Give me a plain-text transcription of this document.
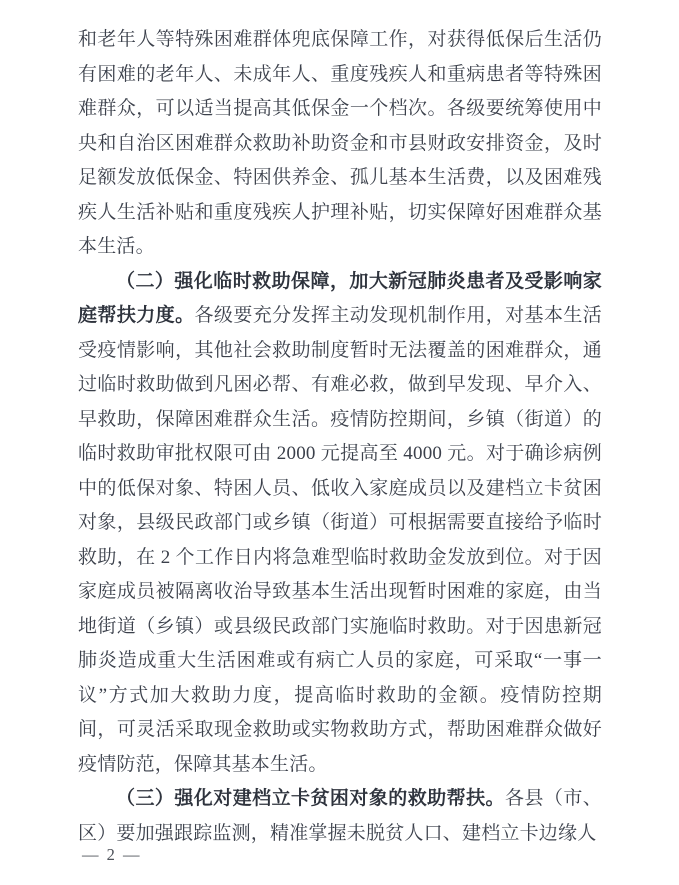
和老年人等特殊困难群体兜底保障工作，对获得低保后生活仍有困难的老年人、未成年人、重度残疾人和重病患者等特殊困难群众，可以适当提高其低保金一个档次。各级要统筹使用中央和自治区困难群众救助补助资金和市县财政安排资金，及时足额发放低保金、特困供养金、孤儿基本生活费，以及困难残疾人生活补贴和重度残疾人护理补贴，切实保障好困难群众基本生活。

（二）强化临时救助保障，加大新冠肺炎患者及受影响家庭帮扶力度。各级要充分发挥主动发现机制作用，对基本生活受疫情影响，其他社会救助制度暂时无法覆盖的困难群众，通过临时救助做到凡困必帮、有难必救，做到早发现、早介入、早救助，保障困难群众生活。疫情防控期间，乡镇（街道）的临时救助审批权限可由 2000 元提高至 4000 元。对于确诊病例中的低保对象、特困人员、低收入家庭成员以及建档立卡贫困对象，县级民政部门或乡镇（街道）可根据需要直接给予临时救助，在 2 个工作日内将急难型临时救助金发放到位。对于因家庭成员被隔离收治导致基本生活出现暂时困难的家庭，由当地街道（乡镇）或县级民政部门实施临时救助。对于因患新冠肺炎造成重大生活困难或有病亡人员的家庭，可采取“一事一议”方式加大救助力度，提高临时救助的金额。疫情防控期间，可灵活采取现金救助或实物救助方式，帮助困难群众做好疫情防范，保障其基本生活。

（三）强化对建档立卡贫困对象的救助帮扶。各县（市、区）要加强跟踪监测，精准掌握未脱贫人口、建档立卡边缘人

— 2 —
